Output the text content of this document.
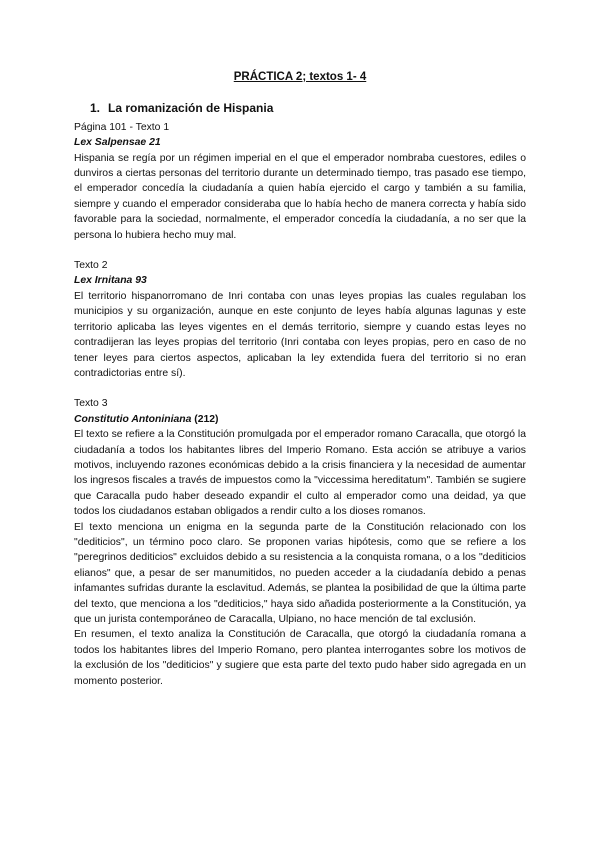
PRÁCTICA 2; textos 1- 4
1. La romanización de Hispania
Página 101 - Texto 1
Lex Salpensae 21

Hispania se regía por un régimen imperial en el que el emperador nombraba cuestores, ediles o dunviros a ciertas personas del territorio durante un determinado tiempo, tras pasado ese tiempo, el emperador concedía la ciudadanía a quien había ejercido el cargo y también a su familia, siempre y cuando el emperador consideraba que lo había hecho de manera correcta y había sido favorable para la sociedad, normalmente, el emperador concedía la ciudadanía, a no ser que la persona lo hubiera hecho muy mal.

Texto 2
Lex Irnitana 93

El territorio hispanorromano de Inri contaba con unas leyes propias las cuales regulaban los municipios y su organización, aunque en este conjunto de leyes había algunas lagunas y este territorio aplicaba las leyes vigentes en el demás territorio, siempre y cuando estas leyes no contradijeran las leyes propias del territorio (Inri contaba con leyes propias, pero en caso de no tener leyes para ciertos aspectos, aplicaban la ley extendida fuera del territorio si no eran contradictorias entre sí).

Texto 3
Constitutio Antoniniana (212)

El texto se refiere a la Constitución promulgada por el emperador romano Caracalla, que otorgó la ciudadanía a todos los habitantes libres del Imperio Romano. Esta acción se atribuye a varios motivos, incluyendo razones económicas debido a la crisis financiera y la necesidad de aumentar los ingresos fiscales a través de impuestos como la "viccessima hereditatum". También se sugiere que Caracalla pudo haber deseado expandir el culto al emperador como una deidad, ya que todos los ciudadanos estaban obligados a rendir culto a los dioses romanos.

El texto menciona un enigma en la segunda parte de la Constitución relacionado con los "dediticios", un término poco claro. Se proponen varias hipótesis, como que se refiere a los "peregrinos dediticios" excluidos debido a su resistencia a la conquista romana, o a los "dediticios elianos" que, a pesar de ser manumitidos, no pueden acceder a la ciudadanía debido a penas infamantes sufridas durante la esclavitud. Además, se plantea la posibilidad de que la última parte del texto, que menciona a los "dediticios," haya sido añadida posteriormente a la Constitución, ya que un jurista contemporáneo de Caracalla, Ulpiano, no hace mención de tal exclusión.

En resumen, el texto analiza la Constitución de Caracalla, que otorgó la ciudadanía romana a todos los habitantes libres del Imperio Romano, pero plantea interrogantes sobre los motivos de la exclusión de los "dediticios" y sugiere que esta parte del texto pudo haber sido agregada en un momento posterior.
